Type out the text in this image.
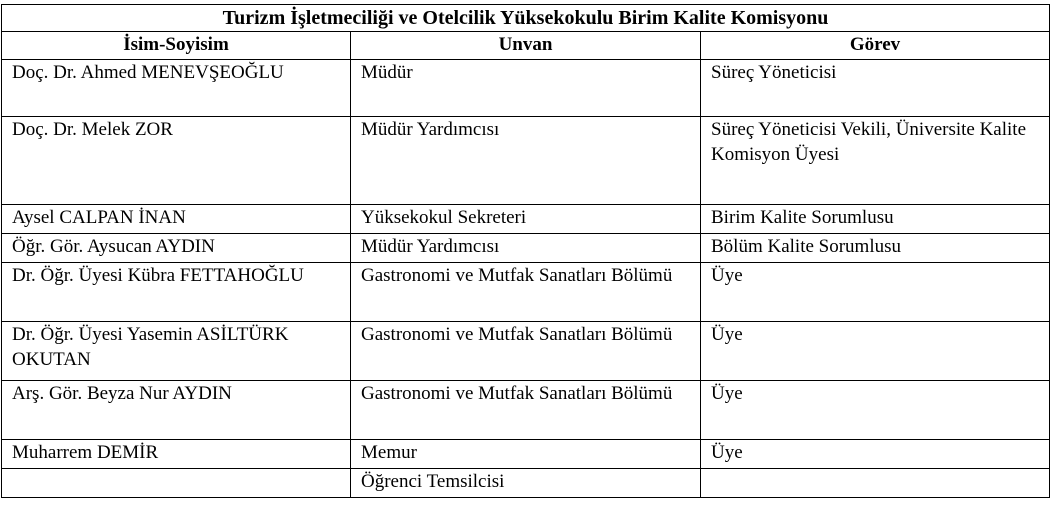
Turizm İşletmeciliği ve Otelcilik Yüksekokulu Birim Kalite Komisyonu		
İsim-Soyisim	Unvan	Görev

Doç. Dr. Ahmed MENEVŞEOĞLU	Müdür	Süreç Yöneticisi

Doç. Dr. Melek ZOR	Müdür Yardımcısı	Süreç Yöneticisi Vekili, Üniversite Kalite Komisyon Üyesi

Aysel CALPAN İNAN	Yüksekokul Sekreteri	Birim Kalite Sorumlusu

Öğr. Gör. Aysucan AYDIN	Müdür Yardımcısı	Bölüm Kalite Sorumlusu

Dr. Öğr. Üyesi Kübra FETTAHOĞLU	Gastronomi ve Mutfak Sanatları Bölümü	Üye

Dr. Öğr. Üyesi Yasemin ASİLTÜRK OKUTAN	Gastronomi ve Mutfak Sanatları Bölümü	Üye

Arş. Gör. Beyza Nur AYDIN	Gastronomi ve Mutfak Sanatları Bölümü	Üye

Muharrem DEMİR	Memur	Üye

	Öğrenci Temsilcisi	
